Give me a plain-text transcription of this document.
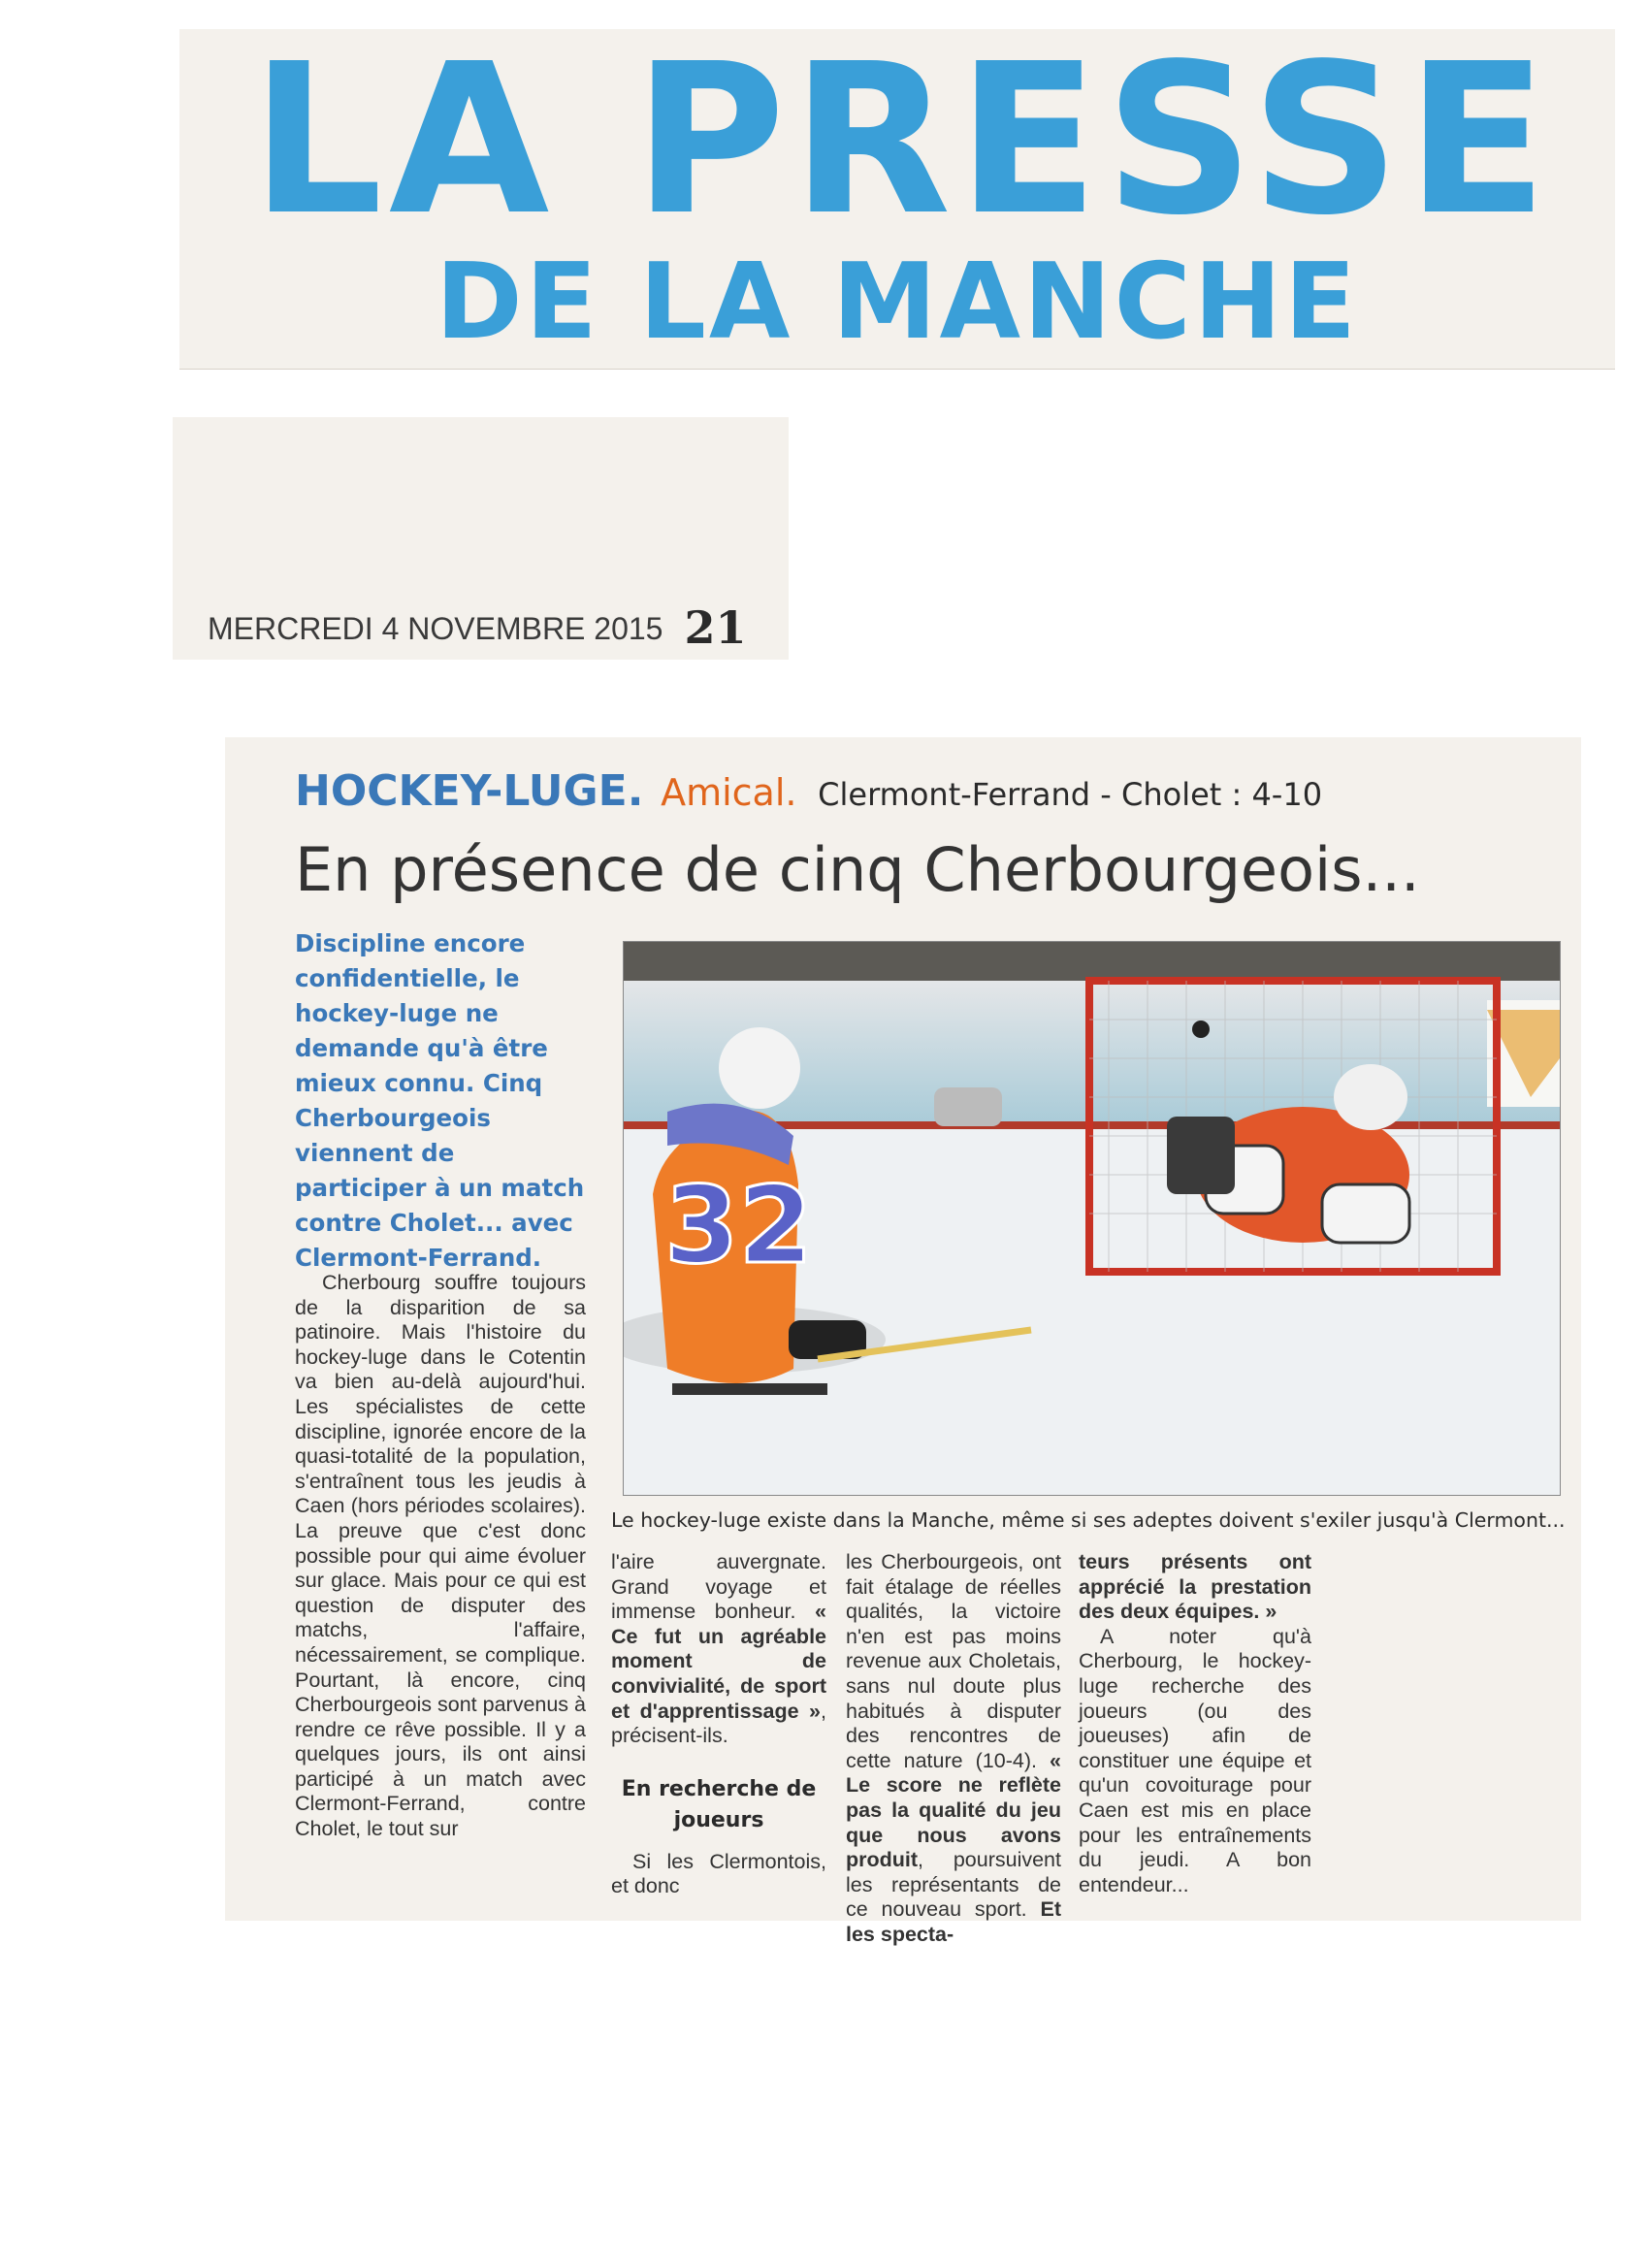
LA PRESSE
DE LA MANCHE
MERCREDI 4 NOVEMBRE 2015 21
HOCKEY-LUGE. Amical. Clermont-Ferrand - Cholet : 4-10
En présence de cinq Cherbourgeois...
Discipline encore confidentielle, le hockey-luge ne demande qu'à être mieux connu. Cinq Cherbourgeois viennent de participer à un match contre Cholet... avec Clermont-Ferrand.

Cherbourg souffre toujours de la disparition de sa patinoire. Mais l'histoire du hockey-luge dans le Cotentin va bien au-delà aujourd'hui. Les spécialistes de cette discipline, ignorée encore de la quasi-totalité de la population, s'entraînent tous les jeudis à Caen (hors périodes scolaires). La preuve que c'est donc possible pour qui aime évoluer sur glace. Mais pour ce qui est question de disputer des matchs, l'affaire, nécessairement, se complique. Pourtant, là encore, cinq Cherbourgeois sont parvenus à rendre ce rêve possible. Il y a quelques jours, ils ont ainsi participé à un match avec Clermont-Ferrand, contre Cholet, le tout sur

32
Le hockey-luge existe dans la Manche, même si ses adeptes doivent s'exiler jusqu'à Clermont...

l'aire auvergnate. Grand voyage et immense bonheur. « Ce fut un agréable moment de convivialité, de sport et d'apprentissage », précisent-ils.

En recherche de joueurs

Si les Clermontois, et donc

les Cherbourgeois, ont fait étalage de réelles qualités, la victoire n'en est pas moins revenue aux Choletais, sans nul doute plus habitués à disputer des rencontres de cette nature (10-4). « Le score ne reflète pas la qualité du jeu que nous avons produit, poursuivent les représentants de ce nouveau sport. Et les specta-

teurs présents ont apprécié la prestation des deux équipes. »

A noter qu'à Cherbourg, le hockey-luge recherche des joueurs (ou des joueuses) afin de constituer une équipe et qu'un covoiturage pour Caen est mis en place pour les entraînements du jeudi. A bon entendeur...
